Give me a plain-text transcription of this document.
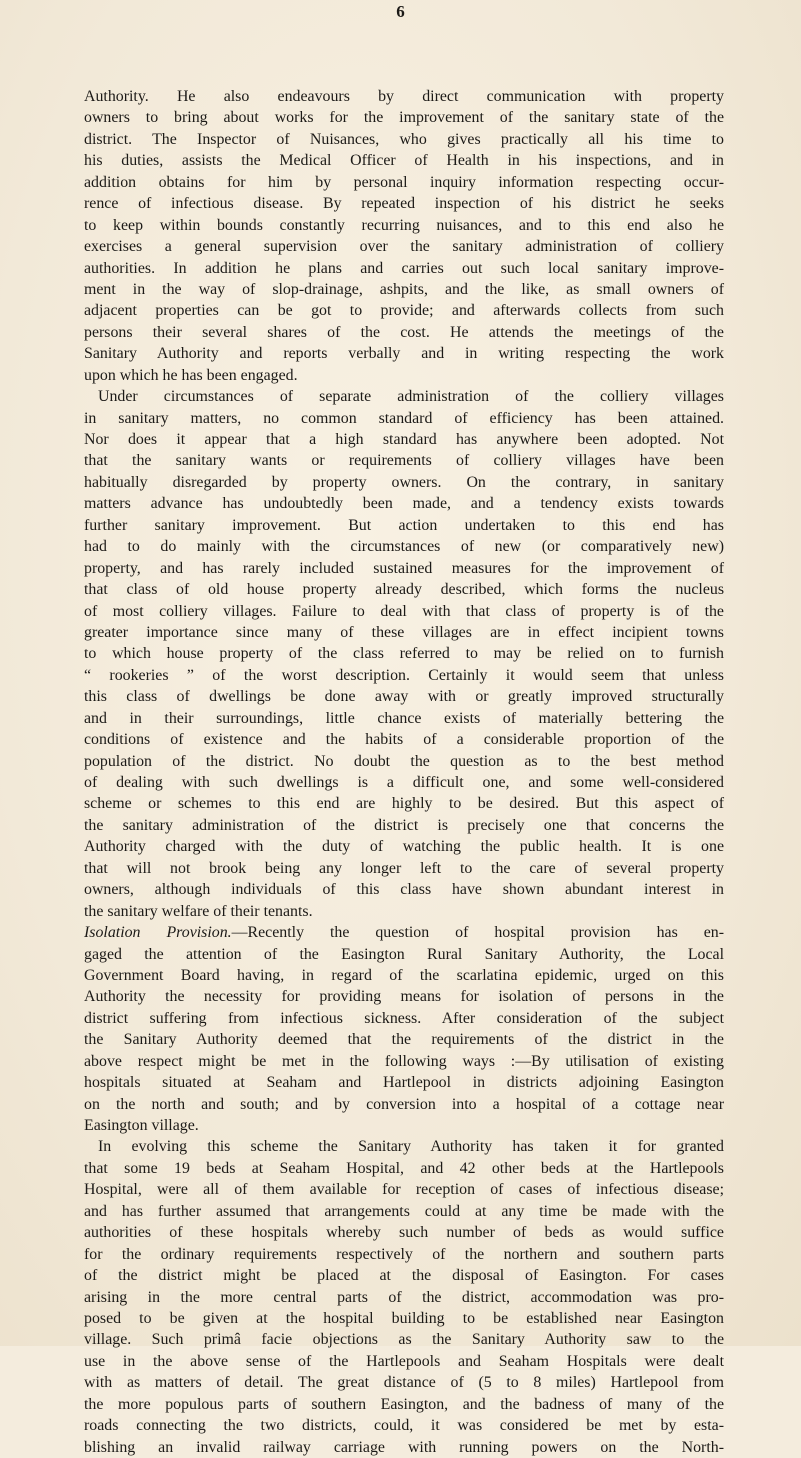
6
Authority. He also endeavours by direct communication with property
owners to bring about works for the improvement of the sanitary state of the
district. The Inspector of Nuisances, who gives practically all his time to
his duties, assists the Medical Officer of Health in his inspections, and in
addition obtains for him by personal inquiry information respecting occur-
rence of infectious disease. By repeated inspection of his district he seeks
to keep within bounds constantly recurring nuisances, and to this end also he
exercises a general supervision over the sanitary administration of colliery
authorities. In addition he plans and carries out such local sanitary improve-
ment in the way of slop-drainage, ashpits, and the like, as small owners of
adjacent properties can be got to provide; and afterwards collects from such
persons their several shares of the cost. He attends the meetings of the
Sanitary Authority and reports verbally and in writing respecting the work
upon which he has been engaged.
Under circumstances of separate administration of the colliery villages
in sanitary matters, no common standard of efficiency has been attained.
Nor does it appear that a high standard has anywhere been adopted. Not
that the sanitary wants or requirements of colliery villages have been
habitually disregarded by property owners. On the contrary, in sanitary
matters advance has undoubtedly been made, and a tendency exists towards
further sanitary improvement. But action undertaken to this end has
had to do mainly with the circumstances of new (or comparatively new)
property, and has rarely included sustained measures for the improvement of
that class of old house property already described, which forms the nucleus
of most colliery villages. Failure to deal with that class of property is of the
greater importance since many of these villages are in effect incipient towns
to which house property of the class referred to may be relied on to furnish
“ rookeries ” of the worst description. Certainly it would seem that unless
this class of dwellings be done away with or greatly improved structurally
and in their surroundings, little chance exists of materially bettering the
conditions of existence and the habits of a considerable proportion of the
population of the district. No doubt the question as to the best method
of dealing with such dwellings is a difficult one, and some well-considered
scheme or schemes to this end are highly to be desired. But this aspect of
the sanitary administration of the district is precisely one that concerns the
Authority charged with the duty of watching the public health. It is one
that will not brook being any longer left to the care of several property
owners, although individuals of this class have shown abundant interest in
the sanitary welfare of their tenants.
Isolation Provision.—Recently the question of hospital provision has en-
gaged the attention of the Easington Rural Sanitary Authority, the Local
Government Board having, in regard of the scarlatina epidemic, urged on this
Authority the necessity for providing means for isolation of persons in the
district suffering from infectious sickness. After consideration of the subject
the Sanitary Authority deemed that the requirements of the district in the
above respect might be met in the following ways :—By utilisation of existing
hospitals situated at Seaham and Hartlepool in districts adjoining Easington
on the north and south; and by conversion into a hospital of a cottage near
Easington village.
In evolving this scheme the Sanitary Authority has taken it for granted
that some 19 beds at Seaham Hospital, and 42 other beds at the Hartlepools
Hospital, were all of them available for reception of cases of infectious disease;
and has further assumed that arrangements could at any time be made with the
authorities of these hospitals whereby such number of beds as would suffice
for the ordinary requirements respectively of the northern and southern parts
of the district might be placed at the disposal of Easington. For cases
arising in the more central parts of the district, accommodation was pro-
posed to be given at the hospital building to be established near Easington
village. Such primâ facie objections as the Sanitary Authority saw to the
use in the above sense of the Hartlepools and Seaham Hospitals were dealt
with as matters of detail. The great distance of (5 to 8 miles) Hartlepool from
the more populous parts of southern Easington, and the badness of many of the
roads connecting the two districts, could, it was considered be met by esta-
blishing an invalid railway carriage with running powers on the North-
